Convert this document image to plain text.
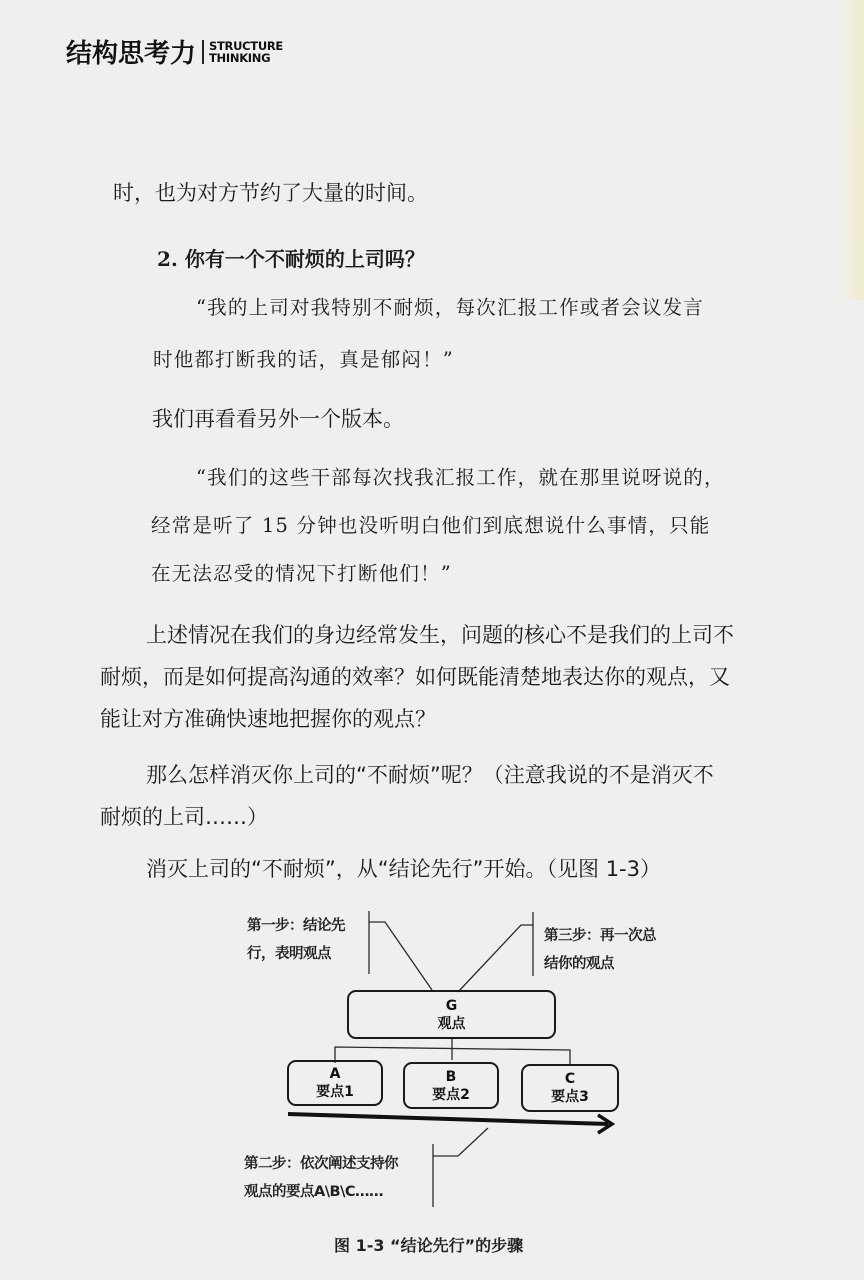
结构思考力 STRUCTURE
THINKING
时，也为对方节约了大量的时间。
2. 你有一个不耐烦的上司吗？
“我的上司对我特别不耐烦，每次汇报工作或者会议发言
时他都打断我的话，真是郁闷！”
我们再看看另外一个版本。
“我们的这些干部每次找我汇报工作，就在那里说呀说的，
经常是听了 15 分钟也没听明白他们到底想说什么事情，只能
在无法忍受的情况下打断他们！”
上述情况在我们的身边经常发生，问题的核心不是我们的上司不
耐烦，而是如何提高沟通的效率？如何既能清楚地表达你的观点，又
能让对方准确快速地把握你的观点？
那么怎样消灭你上司的“不耐烦”呢？（注意我说的不是消灭不
耐烦的上司……）
消灭上司的“不耐烦”，从“结论先行”开始。（见图 1-3）
第一步：结论先
行，表明观点
第三步：再一次总
结你的观点
G
观点
A
要点1
B
要点2
C
要点3
第二步：依次阐述支持你
观点的要点A\B\C……
图 1-3 “结论先行”的步骤
